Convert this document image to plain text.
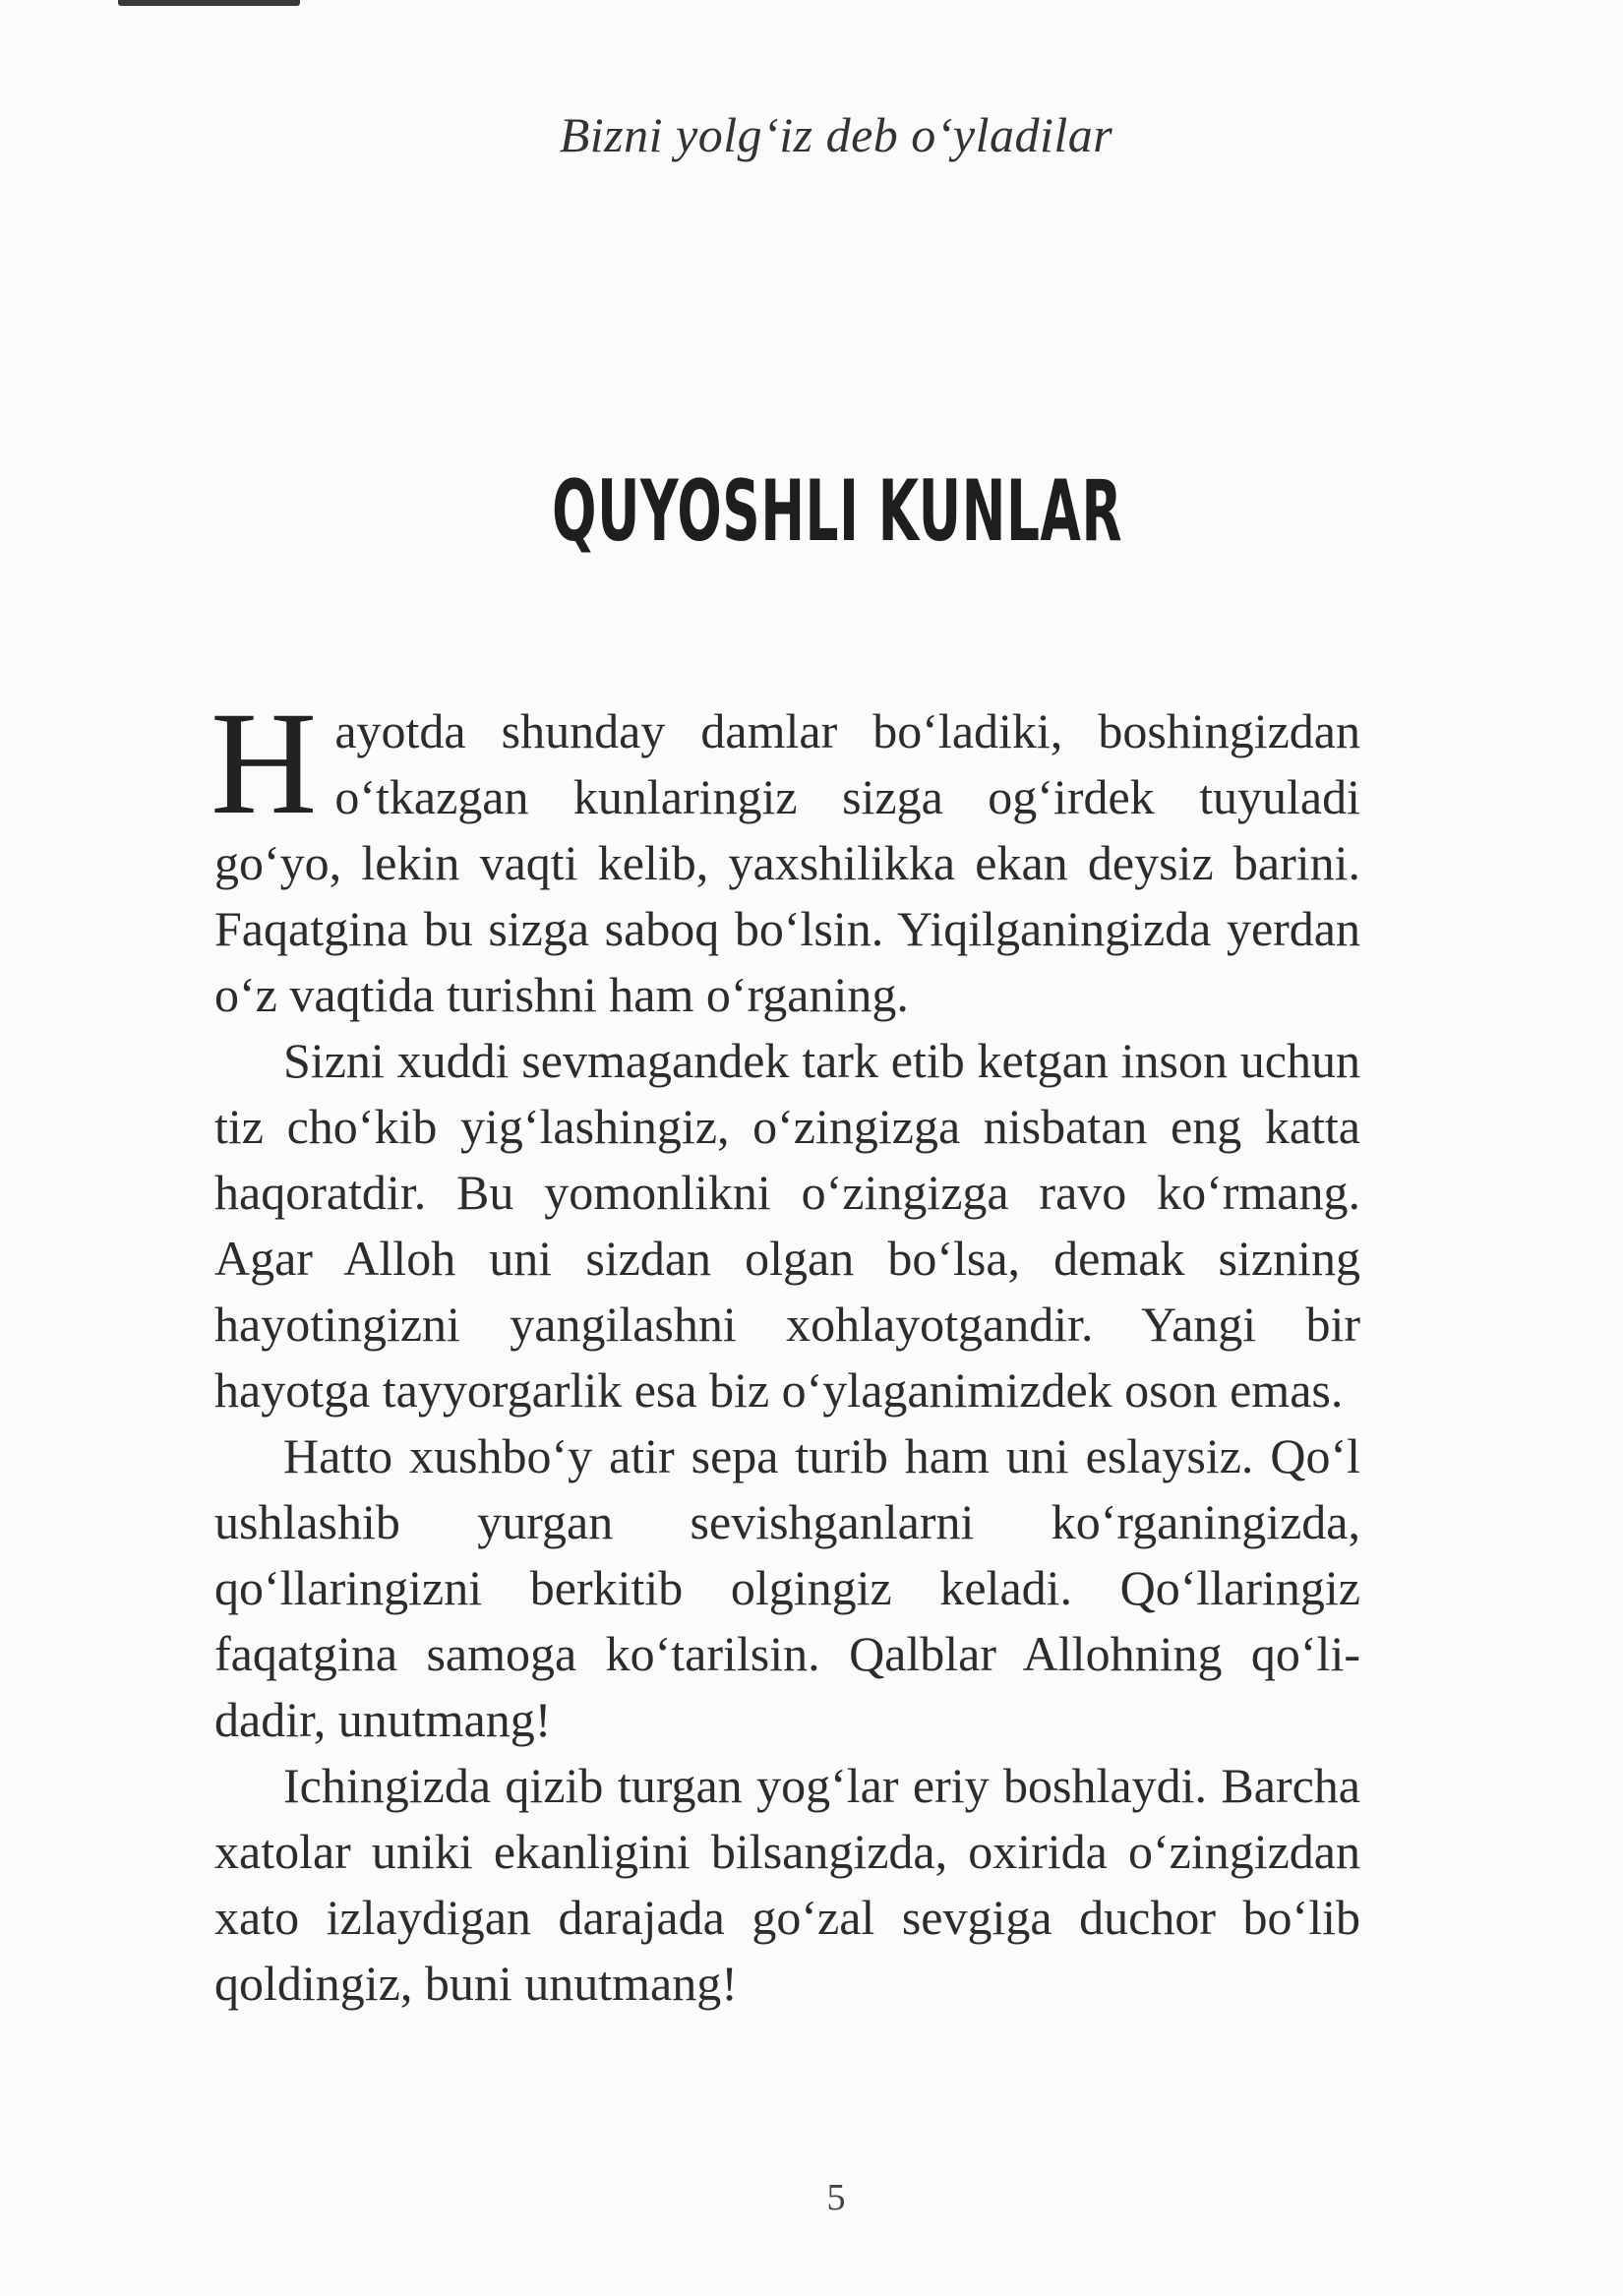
Bizni yolg‘iz deb o‘yladilar
QUYOSHLI KUNLAR

Hayotda shunday damlar bo‘ladiki, boshingizdan o‘tkazgan kunlaringiz sizga og‘irdek tuyuladi go‘yo, lekin vaqti kelib, yaxshilikka ekan deysiz barini. Faqatgina bu sizga saboq bo‘lsin. Yiqilganingizda yerdan o‘z vaqtida turishni ham o‘rganing.

Sizni xuddi sevmagandek tark etib ketgan inson uchun tiz cho‘kib yig‘lashingiz, o‘zingizga nisbatan eng katta haqoratdir. Bu yomonlikni o‘zingizga ravo ko‘rmang. Agar Alloh uni sizdan olgan bo‘lsa, demak sizning hayotingizni yangilashni xohlayotgandir. Yangi bir hayotga tayyorgarlik esa biz o‘ylaganimizdek oson emas.

Hatto xushbo‘y atir sepa turib ham uni eslaysiz. Qo‘l ushlashib yurgan sevishganlarni ko‘rganingizda, qo‘llaringizni berkitib olgingiz keladi. Qo‘llaringiz faqatgina samoga ko‘tarilsin. Qalblar Allohning qo‘lidadir, unutmang!

Ichingizda qizib turgan yog‘lar eriy boshlaydi. Barcha xatolar uniki ekanligini bilsangizda, oxirida o‘zingizdan xato izlaydigan darajada go‘zal sevgiga duchor bo‘lib qoldingiz, buni unutmang!

5
